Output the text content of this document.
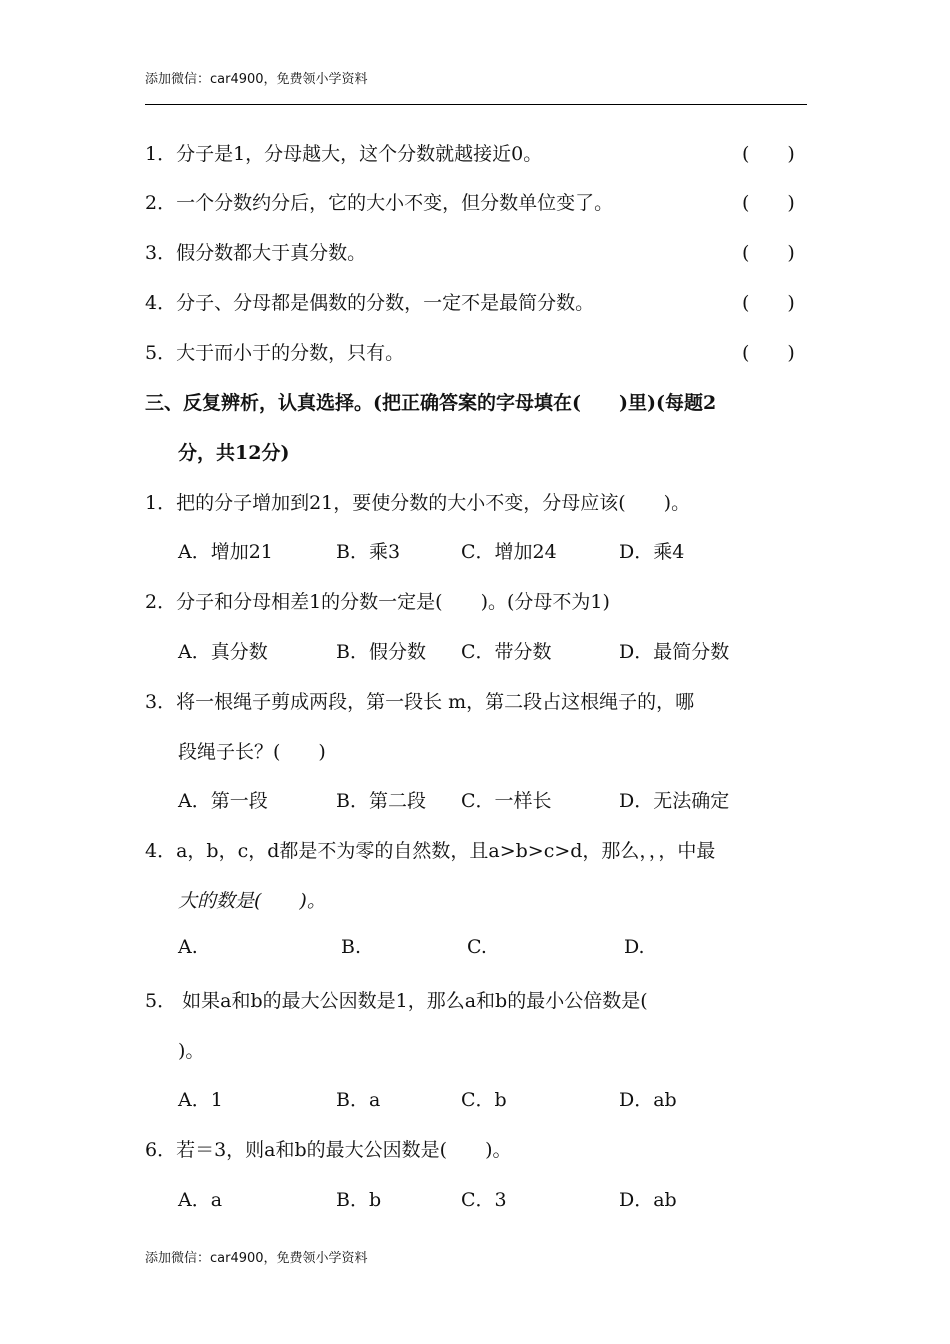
添加微信：car4900，免费领小学资料
1．分子是1，分母越大，这个分数就越接近0。	(　　)
2．一个分数约分后，它的大小不变，但分数单位变了。	(　　)
3．假分数都大于真分数。	(　　)
4．分子、分母都是偶数的分数，一定不是最简分数。	(　　)
5．大于而小于的分数，只有。	(　　)
三、反复辨析，认真选择。(把正确答案的字母填在(　　)里)(每题2
分，共12分)
1．把的分子增加到21，要使分数的大小不变，分母应该(　　)。
A．增加21	B．乘3	C．增加24	D．乘4
2．分子和分母相差1的分数一定是(　　)。(分母不为1)
A．真分数	B．假分数 C．带分数	D．最简分数
3．将一根绳子剪成两段，第一段长 m，第二段占这根绳子的，哪
段绳子长？(　　)
A．第一段	B．第二段 C．一样长	D．无法确定
4．a，b，c，d都是不为零的自然数，且a>b>c>d，那么，，，中最
大的数是(　　)。
A.	B.	C.	D.
5． 如果a和b的最大公因数是1，那么a和b的最小公倍数是(
)。
A．1	B．a	C．b	D．ab
6．若＝3，则a和b的最大公因数是(　　)。
A．a	B．b	C．3	D．ab
添加微信：car4900，免费领小学资料
